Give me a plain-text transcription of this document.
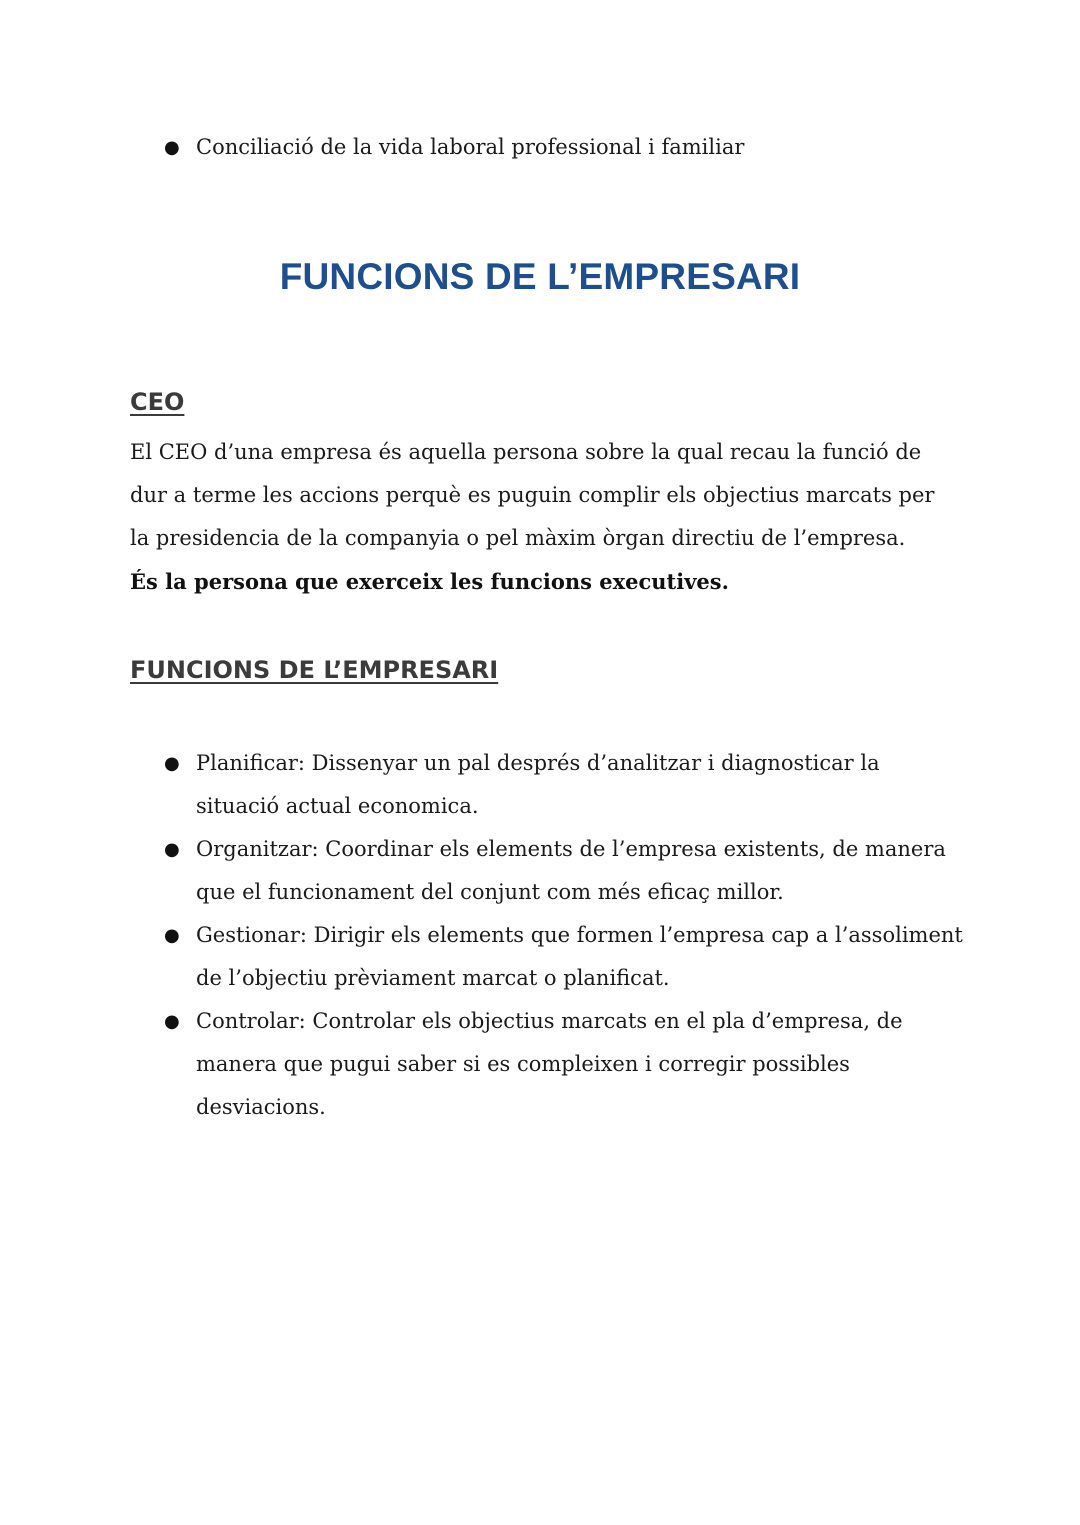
● Conciliació de la vida laboral professional i familiar
FUNCIONS DE L’EMPRESARI
CEO

El CEO d’una empresa és aquella persona sobre la qual recau la funció de dur a terme les accions perquè es puguin complir els objectius marcats per la presidencia de la companyia o pel màxim òrgan directiu de l’empresa.
És la persona que exerceix les funcions executives.

FUNCIONS DE L’EMPRESARI
● Planificar: Dissenyar un pal després d’analitzar i diagnosticar la situació actual economica.
● Organitzar: Coordinar els elements de l’empresa existents, de manera que el funcionament del conjunt com més eficaç millor.
● Gestionar: Dirigir els elements que formen l’empresa cap a l’assoliment de l’objectiu prèviament marcat o planificat.
● Controlar: Controlar els objectius marcats en el pla d’empresa, de manera que pugui saber si es compleixen i corregir possibles desviacions.
